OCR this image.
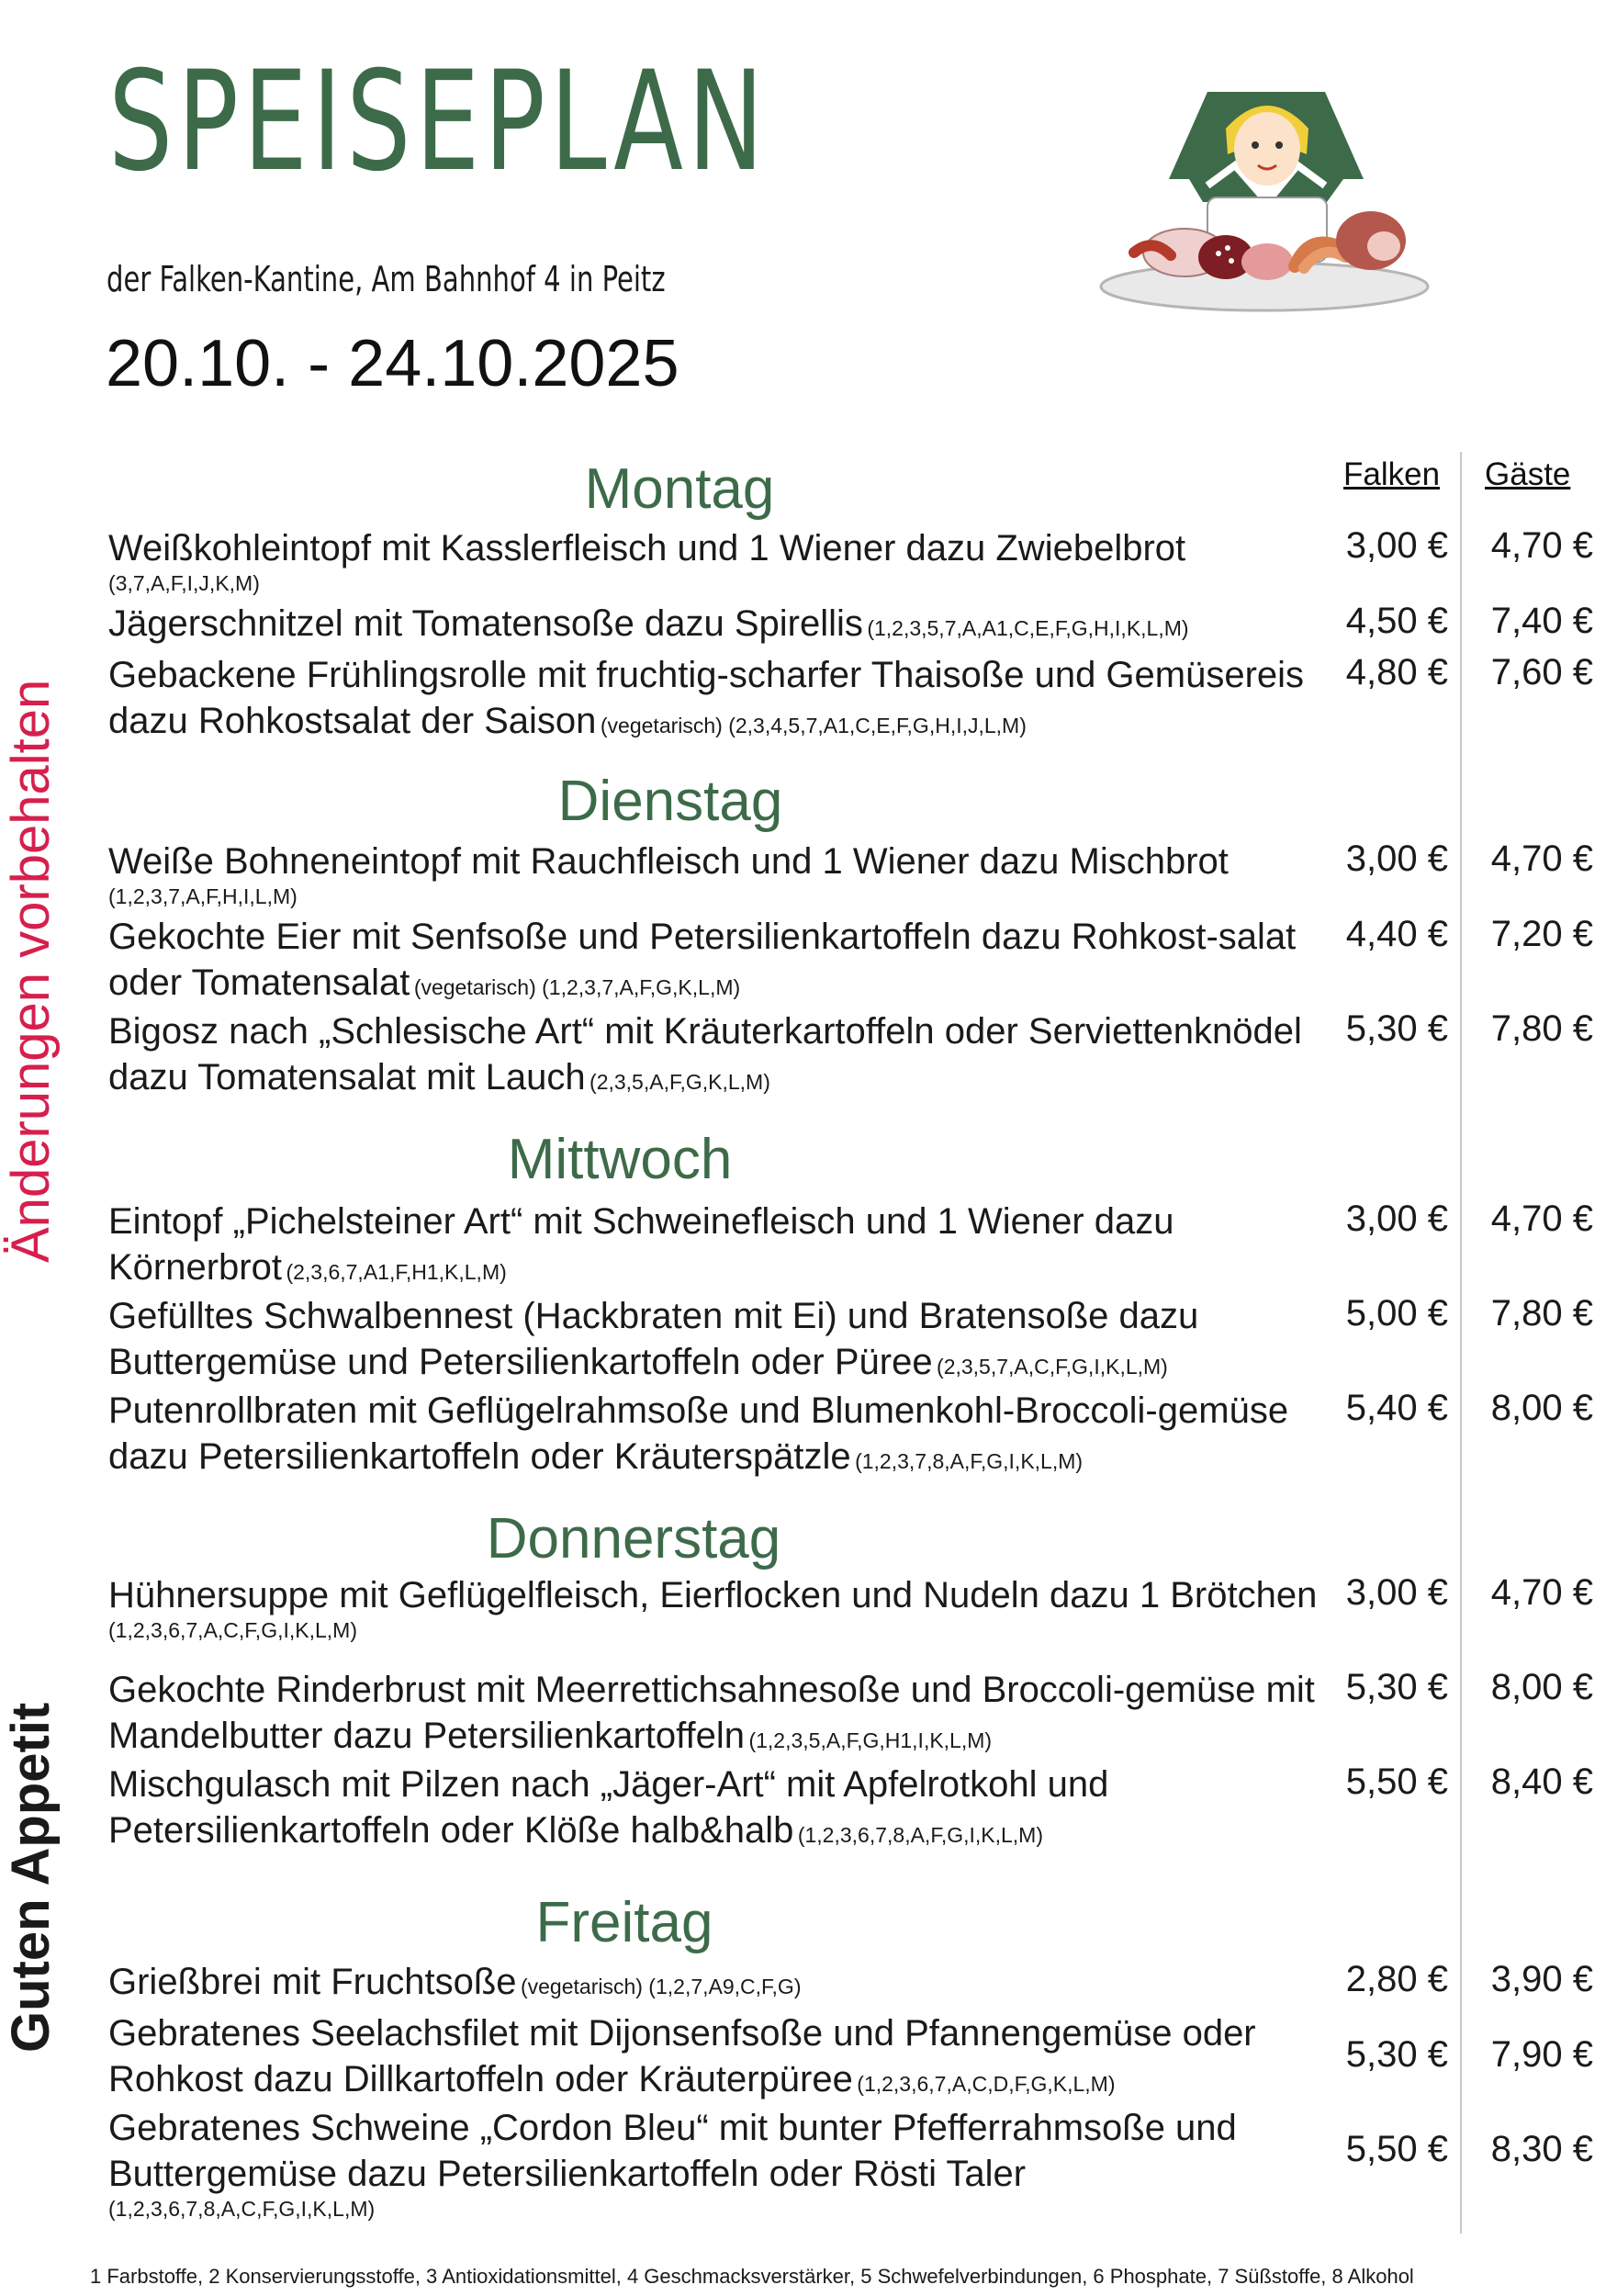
SPEISEPLAN
der Falken-Kantine, Am Bahnhof 4 in Peitz
20.10. - 24.10.2025
Änderungen vorbehalten
Guten Appetit
Falken Gäste
Montag
Weißkohleintopf mit Kasslerfleisch und 1 Wiener dazu Zwiebelbrot
(3,7,A,F,I,J,K,M)
3,00 €	4,70 €
Jägerschnitzel mit Tomatensoße dazu Spirellis (1,2,3,5,7,A,A1,C,E,F,G,H,I,K,L,M)	4,50 €	7,40 €
Gebackene Frühlingsrolle mit fruchtig-scharfer Thaisoße und Gemüsereis dazu Rohkostsalat der Saison (vegetarisch) (2,3,4,5,7,A1,C,E,F,G,H,I,J,L,M)
4,80 €	7,60 €
Dienstag
Weiße Bohneneintopf mit Rauchfleisch und 1 Wiener dazu Mischbrot
(1,2,3,7,A,F,H,I,L,M)
3,00 €	4,70 €
Gekochte Eier mit Senfsoße und Petersilienkartoffeln dazu Rohkost-salat oder Tomatensalat (vegetarisch) (1,2,3,7,A,F,G,K,L,M)
4,40 €	7,20 €
Bigosz nach „Schlesische Art“ mit Kräuterkartoffeln oder Serviettenknödel dazu Tomatensalat mit Lauch (2,3,5,A,F,G,K,L,M)
5,30 €	7,80 €
Mittwoch
Eintopf „Pichelsteiner Art“ mit Schweinefleisch und 1 Wiener dazu Körnerbrot (2,3,6,7,A1,F,H1,K,L,M)
3,00 €	4,70 €
Gefülltes Schwalbennest (Hackbraten mit Ei) und Bratensoße dazu Buttergemüse und Petersilienkartoffeln oder Püree (2,3,5,7,A,C,F,G,I,K,L,M)
5,00 €	7,80 €
Putenrollbraten mit Geflügelrahmsoße und Blumenkohl-Broccoli-gemüse dazu Petersilienkartoffeln oder Kräuterspätzle (1,2,3,7,8,A,F,G,I,K,L,M)
5,40 €	8,00 €
Donnerstag
Hühnersuppe mit Geflügelfleisch, Eierflocken und Nudeln dazu 1 Brötchen (1,2,3,6,7,A,C,F,G,I,K,L,M)
3,00 €	4,70 €
Gekochte Rinderbrust mit Meerrettichsahnesoße und Broccoli-gemüse mit Mandelbutter dazu Petersilienkartoffeln (1,2,3,5,A,F,G,H1,I,K,L,M)
5,30 €	8,00 €
Mischgulasch mit Pilzen nach „Jäger-Art“ mit Apfelrotkohl und Petersilienkartoffeln oder Klöße halb&halb (1,2,3,6,7,8,A,F,G,I,K,L,M)
5,50 €	8,40 €
Freitag
Grießbrei mit Fruchtsoße (vegetarisch) (1,2,7,A9,C,F,G)	2,80 €	3,90 €
Gebratenes Seelachsfilet mit Dijonsenfsoße und Pfannengemüse oder Rohkost dazu Dillkartoffeln oder Kräuterpüree (1,2,3,6,7,A,C,D,F,G,K,L,M)
5,30 €	7,90 €
Gebratenes Schweine „Cordon Bleu“ mit bunter Pfefferrahmsoße und Buttergemüse dazu Petersilienkartoffeln oder Rösti Taler
(1,2,3,6,7,8,A,C,F,G,I,K,L,M)
5,50 €	8,30 €
1 Farbstoffe, 2 Konservierungsstoffe, 3 Antioxidationsmittel, 4 Geschmacksverstärker, 5 Schwefelverbindungen, 6 Phosphate, 7 Süßstoffe, 8 Alkohol
